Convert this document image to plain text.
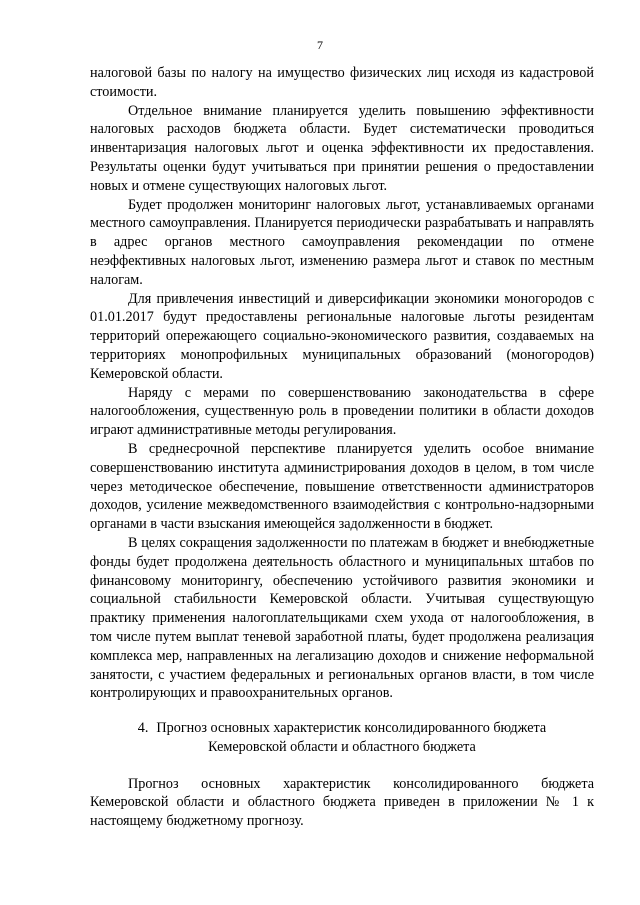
7

налоговой базы по налогу на имущество физических лиц исходя из кадастровой стоимости.

Отдельное внимание планируется уделить повышению эффективности налоговых расходов бюджета области. Будет систематически проводиться инвентаризация налоговых льгот и оценка эффективности их предоставления. Результаты оценки будут учитываться при принятии решения о предоставлении новых и отмене существующих налоговых льгот.

Будет продолжен мониторинг налоговых льгот, устанавливаемых органами местного самоуправления. Планируется периодически разрабатывать и направлять в адрес органов местного самоуправления рекомендации по отмене неэффективных налоговых льгот, изменению размера льгот и ставок по местным налогам.

Для привлечения инвестиций и диверсификации экономики моногородов с 01.01.2017 будут предоставлены региональные налоговые льготы резидентам территорий опережающего социально-экономического развития, создаваемых на территориях монопрофильных муниципальных образований (моногородов) Кемеровской области.

Наряду с мерами по совершенствованию законодательства в сфере налогообложения, существенную роль в проведении политики в области доходов играют административные методы регулирования.

В среднесрочной перспективе планируется уделить особое внимание совершенствованию института администрирования доходов в целом, в том числе через методическое обеспечение, повышение ответственности администраторов доходов, усиление межведомственного взаимодействия с контрольно-надзорными органами в части взыскания имеющейся задолженности в бюджет.

В целях сокращения задолженности по платежам в бюджет и внебюджетные фонды будет продолжена деятельность областного и муниципальных штабов по финансовому мониторингу, обеспечению устойчивого развития экономики и социальной стабильности Кемеровской области. Учитывая существующую практику применения налогоплательщиками схем ухода от налогообложения, в том числе путем выплат теневой заработной платы, будет продолжена реализация комплекса мер, направленных на легализацию доходов и снижение неформальной занятости, с участием федеральных и региональных органов власти, в том числе контролирующих и правоохранительных органов.

4. Прогноз основных характеристик консолидированного бюджета
Кемеровской области и областного бюджета

Прогноз основных характеристик консолидированного бюджета Кемеровской области и областного бюджета приведен в приложении № 1 к настоящему бюджетному прогнозу.
